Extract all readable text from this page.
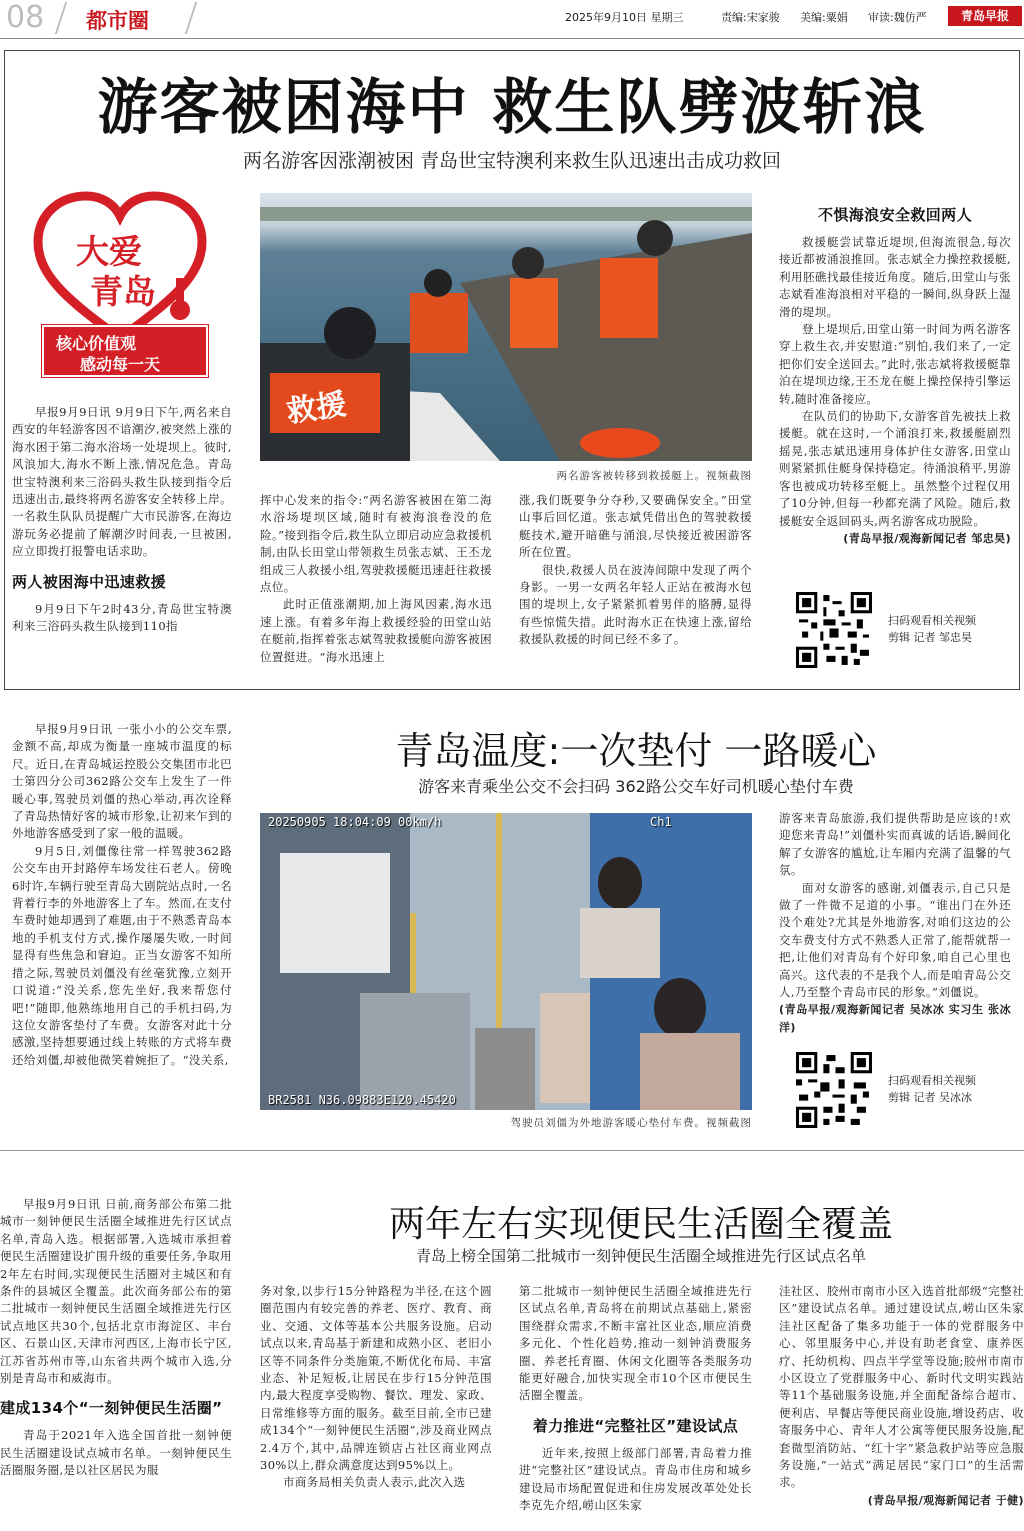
08 都市圈	2025年9月10日 星期三	责编:宋家骏 美编:粟娟 审读:魏仿严	青岛早报
游客被困海中 救生队劈波斩浪
两名游客因涨潮被困 青岛世宝特澳利来救生队迅速出击成功救回
大爱
青岛
核心价值观
感动每一天
救援
两名游客被转移到救援艇上。视频截图

早报9月9日讯 9月9日下午,两名来自西安的年轻游客因不谙潮汐,被突然上涨的海水困于第二海水浴场一处堤坝上。彼时,风浪加大,海水不断上涨,情况危急。青岛世宝特澳利来三浴码头救生队接到指令后迅速出击,最终将两名游客安全转移上岸。一名救生队队员提醒广大市民游客,在海边游玩务必提前了解潮汐时间表,一旦被困,应立即拨打报警电话求助。

两人被困海中迅速救援

9月9日下午2时43分,青岛世宝特澳利来三浴码头救生队接到110指

挥中心发来的指令:“两名游客被困在第二海水浴场堤坝区域,随时有被海浪卷没的危险。”接到指令后,救生队立即启动应急救援机制,由队长田堂山带领救生员张志斌、王丕龙组成三人救援小组,驾驶救援艇迅速赶往救援点位。

此时正值涨潮期,加上海风因素,海水迅速上涨。有着多年海上救援经验的田堂山站在艇前,指挥着张志斌驾驶救援艇向游客被困位置挺进。“海水迅速上

涨,我们既要争分夺秒,又要确保安全。”田堂山事后回忆道。张志斌凭借出色的驾驶救援艇技术,避开暗礁与涌浪,尽快接近被困游客所在位置。

很快,救援人员在波涛间隙中发现了两个身影。一男一女两名年轻人正站在被海水包围的堤坝上,女子紧紧抓着男伴的胳膊,显得有些惊慌失措。此时海水正在快速上涨,留给救援队救援的时间已经不多了。

不惧海浪安全救回两人

救援艇尝试靠近堤坝,但海流很急,每次接近都被涌浪推回。张志斌全力操控救援艇,利用胚礁找最佳接近角度。随后,田堂山与张志斌看准海浪相对平稳的一瞬间,纵身跃上湿滑的堤坝。

登上堤坝后,田堂山第一时间为两名游客穿上救生衣,并安慰道:“别怕,我们来了,一定把你们安全送回去。”此时,张志斌将救援艇靠泊在堤坝边缘,王丕龙在艇上操控保持引擎运转,随时准备接应。

在队员们的协助下,女游客首先被扶上救援艇。就在这时,一个涌浪打来,救援艇剧烈摇晃,张志斌迅速用身体护住女游客,田堂山则紧紧抓住艇身保持稳定。待涌浪稍平,男游客也被成功转移至艇上。虽然整个过程仅用了10分钟,但每一秒都充满了风险。随后,救援艇安全返回码头,两名游客成功脱险。

(青岛早报/观海新闻记者 邹忠昊)
扫码观看相关视频
剪辑 记者 邹忠昊
青岛温度:一次垫付 一路暖心
游客来青乘坐公交不会扫码 362路公交车好司机暖心垫付车费
20250905 18:04:09 00km/h	Ch1
BR2581 N36.09883E120.45420
驾驶员刘僵为外地游客暖心垫付车费。视频截图

早报9月9日讯 一张小小的公交车票,金额不高,却成为衡量一座城市温度的标尺。近日,在青岛城运控股公交集团市北巴士第四分公司362路公交车上发生了一件暖心事,驾驶员刘僵的热心举动,再次诠释了青岛热情好客的城市形象,让初来乍到的外地游客感受到了家一般的温暖。

9月5日,刘僵像往常一样驾驶362路公交车由开封路停车场发往石老人。傍晚6时许,车辆行驶至青岛大剧院站点时,一名背着行李的外地游客上了车。然而,在支付车费时她却遇到了难题,由于不熟悉青岛本地的手机支付方式,操作屡屡失败,一时间显得有些焦急和窘迫。正当女游客不知所措之际,驾驶员刘僵没有丝毫犹豫,立刻开口说道:“没关系,您先坐好,我来帮您付吧!”随即,他熟练地用自己的手机扫码,为这位女游客垫付了车费。女游客对此十分感激,坚持想要通过线上转账的方式将车费还给刘僵,却被他微笑着婉拒了。“没关系,

游客来青岛旅游,我们提供帮助是应该的!欢迎您来青岛!”刘僵朴实而真诚的话语,瞬间化解了女游客的尴尬,让车厢内充满了温馨的气氛。

面对女游客的感谢,刘僵表示,自己只是做了一件微不足道的小事。“谁出门在外还没个难处?尤其是外地游客,对咱们这边的公交车费支付方式不熟悉人正常了,能帮就帮一把,让他们对青岛有个好印象,咱自己心里也高兴。这代表的不是我个人,而是咱青岛公交人,乃至整个青岛市民的形象。”刘僵说。

(青岛早报/观海新闻记者 吴冰冰 实习生 张冰洋)
扫码观看相关视频
剪辑 记者 吴冰冰
两年左右实现便民生活圈全覆盖
青岛上榜全国第二批城市一刻钟便民生活圈全域推进先行区试点名单

早报9月9日讯 日前,商务部公布第二批城市一刻钟便民生活圈全域推进先行区试点名单,青岛入选。根据部署,入选城市承担着便民生活圈建设扩围升级的重要任务,争取用2年左右时间,实现便民生活圈对主城区和有条件的县城区全覆盖。此次商务部公布的第二批城市一刻钟便民生活圈全域推进先行区试点地区共30个,包括北京市海淀区、丰台区、石景山区,天津市河西区,上海市长宁区,江苏省苏州市等,山东省共两个城市入选,分别是青岛市和威海市。

建成134个“一刻钟便民生活圈”

青岛于2021年入选全国首批一刻钟便民生活圈建设试点城市名单。一刻钟便民生活圈服务圈,是以社区居民为服

务对象,以步行15分钟路程为半径,在这个圆圈范围内有较完善的养老、医疗、教育、商业、交通、文体等基本公共服务设施。启动试点以来,青岛基于新建和成熟小区、老旧小区等不同条件分类施策,不断优化布局、丰富业态、补足短板,让居民在步行15分钟范围内,最大程度享受购物、餐饮、理发、家政、日常维修等方面的服务。截至目前,全市已建成134个“一刻钟便民生活圈”,涉及商业网点2.4万个,其中,品牌连锁店占社区商业网点30%以上,群众满意度达到95%以上。

市商务局相关负责人表示,此次入选

第二批城市一刻钟便民生活圈全域推进先行区试点名单,青岛将在前期试点基础上,紧密围绕群众需求,不断丰富社区业态,顺应消费多元化、个性化趋势,推动一刻钟消费服务圈、养老托育圈、休闲文化圈等各类服务功能更好融合,加快实现全市10个区市便民生活圈全覆盖。

着力推进“完整社区”建设试点

近年来,按照上级部门部署,青岛着力推进“完整社区”建设试点。青岛市住房和城乡建设局市场配置促进和住房发展改革处处长李克先介绍,崂山区朱家

洼社区、胶州市南市小区入选首批部级“完整社区”建设试点名单。通过建设试点,崂山区朱家洼社区配备了集多功能于一体的党群服务中心、邻里服务中心,并设有助老食堂、康养医疗、托幼机构、四点半学堂等设施;胶州市南市小区设立了党群服务中心、新时代文明实践站等11个基础服务设施,并全面配备综合超市、便利店、早餐店等便民商业设施,增设药店、收寄服务中心、青年人才公寓等便民服务设施,配套微型消防站、“红十字”紧急救护站等应急服务设施,“一站式”满足居民“家门口”的生活需求。

(青岛早报/观海新闻记者 于健)
